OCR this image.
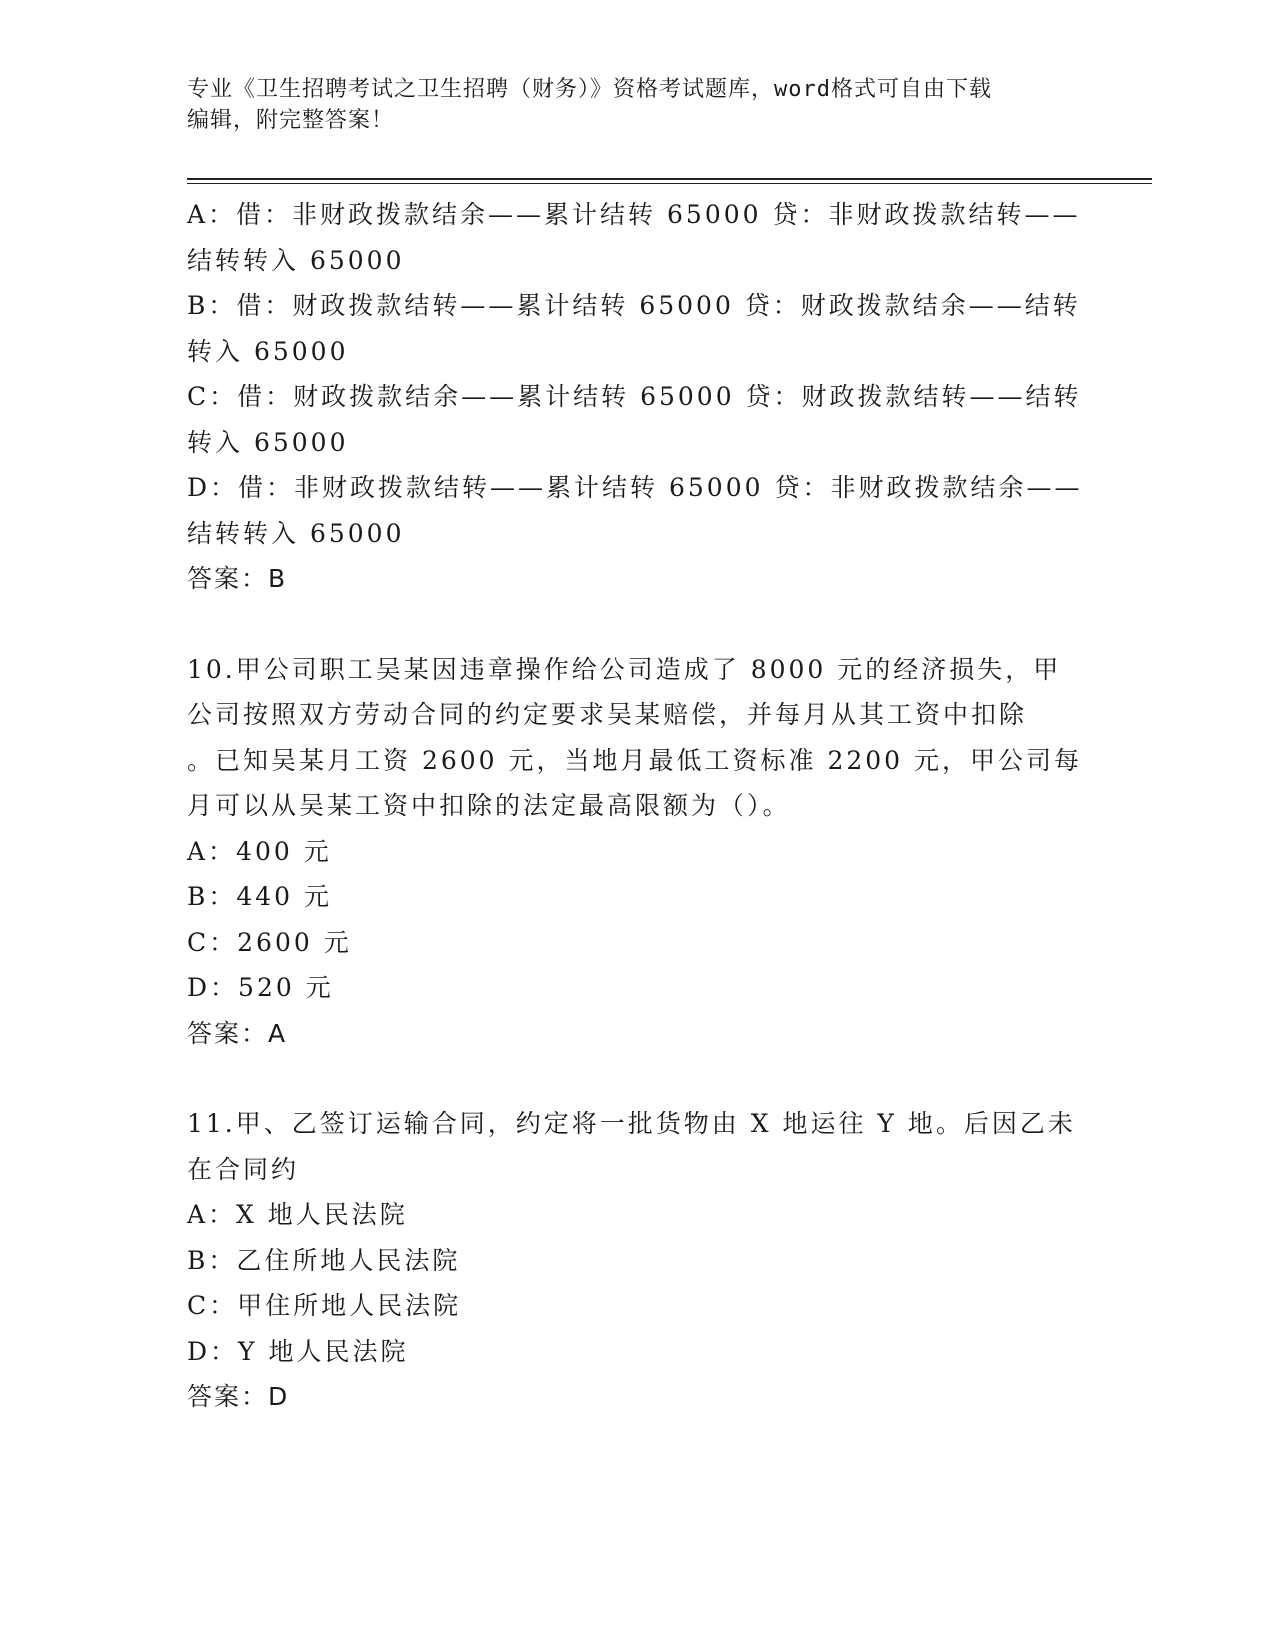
专业《卫生招聘考试之卫生招聘（财务）》资格考试题库，word格式可自由下载
编辑，附完整答案！
A：借：非财政拨款结余——累计结转 65000 贷：非财政拨款结转——
结转转入 65000
B：借：财政拨款结转——累计结转 65000 贷：财政拨款结余——结转
转入 65000
C：借：财政拨款结余——累计结转 65000 贷：财政拨款结转——结转
转入 65000
D：借：非财政拨款结转——累计结转 65000 贷：非财政拨款结余——
结转转入 65000
答案：B
10.甲公司职工吴某因违章操作给公司造成了 8000 元的经济损失，甲
公司按照双方劳动合同的约定要求吴某赔偿，并每月从其工资中扣除
。已知吴某月工资 2600 元，当地月最低工资标准 2200 元，甲公司每
月可以从吴某工资中扣除的法定最高限额为（）。
A：400 元
B：440 元
C：2600 元
D：520 元
答案：A
11.甲、乙签订运输合同，约定将一批货物由 X 地运往 Y 地。后因乙未
在合同约
A：X 地人民法院
B：乙住所地人民法院
C：甲住所地人民法院
D：Y 地人民法院
答案：D
